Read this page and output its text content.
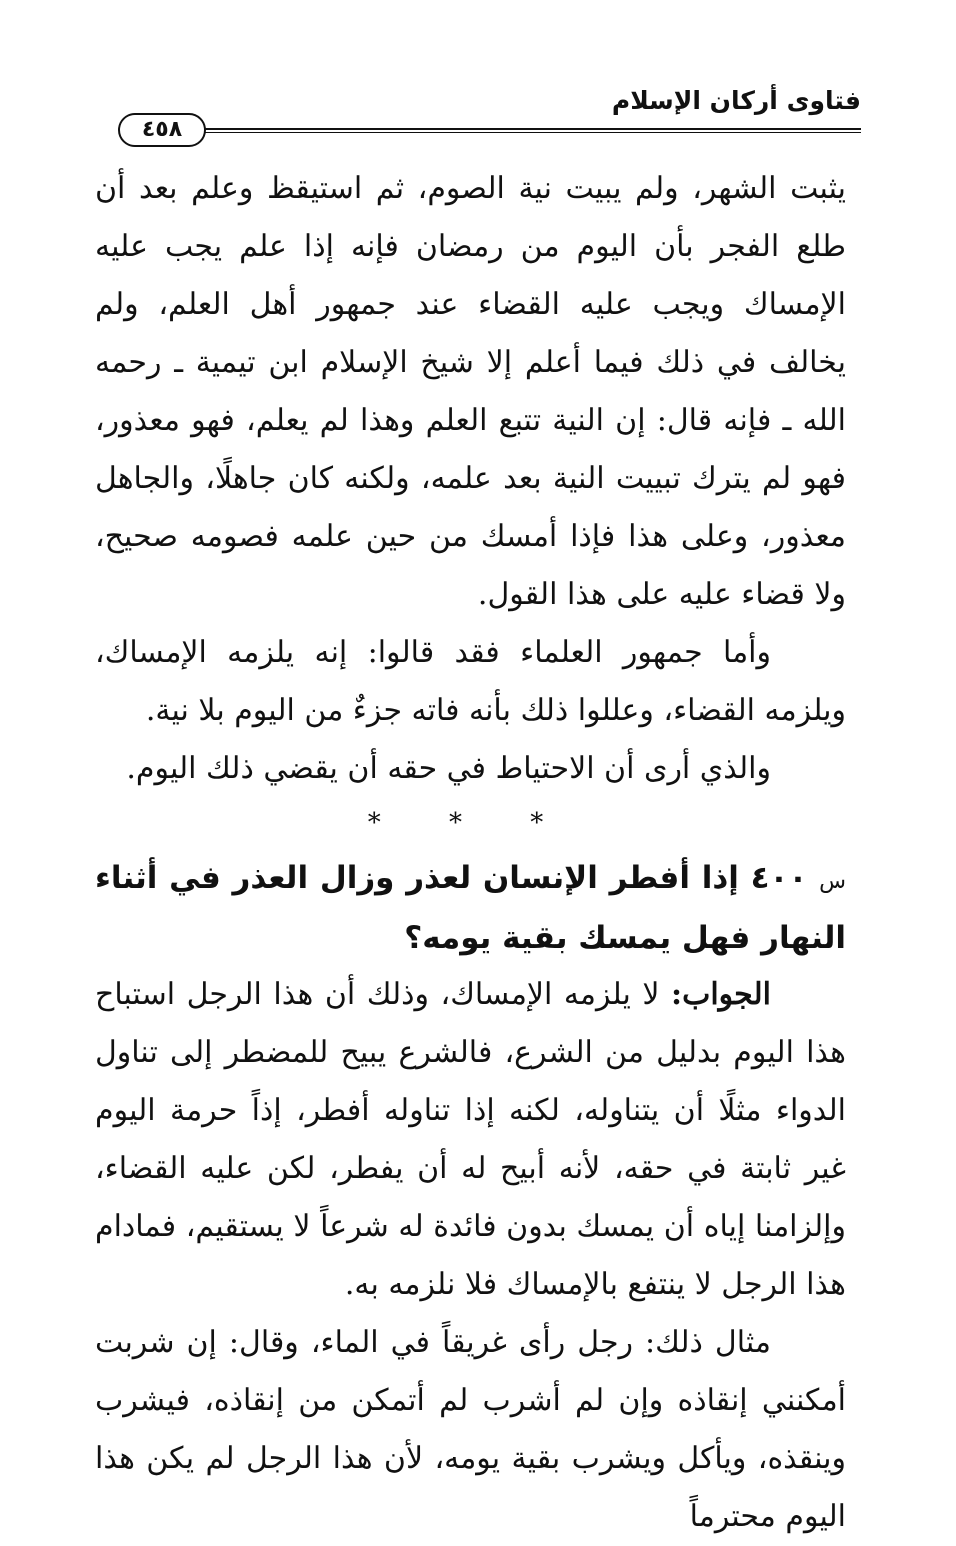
فتاوى أركان الإسلام
٤٥٨

يثبت الشهر، ولم يبيت نية الصوم، ثم استيقظ وعلم بعد أن طلع الفجر بأن اليوم من رمضان فإنه إذا علم يجب عليه الإمساك ويجب عليه القضاء عند جمهور أهل العلم، ولم يخالف في ذلك فيما أعلم إلا شيخ الإسلام ابن تيمية ـ رحمه الله ـ فإنه قال: إن النية تتبع العلم وهذا لم يعلم، فهو معذور، فهو لم يترك تبييت النية بعد علمه، ولكنه كان جاهلًا، والجاهل معذور، وعلى هذا فإذا أمسك من حين علمه فصومه صحيح، ولا قضاء عليه على هذا القول.

وأما جمهور العلماء فقد قالوا: إنه يلزمه الإمساك، ويلزمه القضاء، وعللوا ذلك بأنه فاته جزءٌ من اليوم بلا نية.

والذي أرى أن الاحتياط في حقه أن يقضي ذلك اليوم.

* * *

س ٤٠٠ إذا أفطر الإنسان لعذر وزال العذر في أثناء النهار فهل يمسك بقية يومه؟

الجواب: لا يلزمه الإمساك، وذلك أن هذا الرجل استباح هذا اليوم بدليل من الشرع، فالشرع يبيح للمضطر إلى تناول الدواء مثلًا أن يتناوله، لكنه إذا تناوله أفطر، إذاً حرمة اليوم غير ثابتة في حقه، لأنه أبيح له أن يفطر، لكن عليه القضاء، وإلزامنا إياه أن يمسك بدون فائدة له شرعاً لا يستقيم، فمادام هذا الرجل لا ينتفع بالإمساك فلا نلزمه به.

مثال ذلك: رجل رأى غريقاً في الماء، وقال: إن شربت أمكنني إنقاذه وإن لم أشرب لم أتمكن من إنقاذه، فيشرب وينقذه، ويأكل ويشرب بقية يومه، لأن هذا الرجل لم يكن هذا اليوم محترماً
